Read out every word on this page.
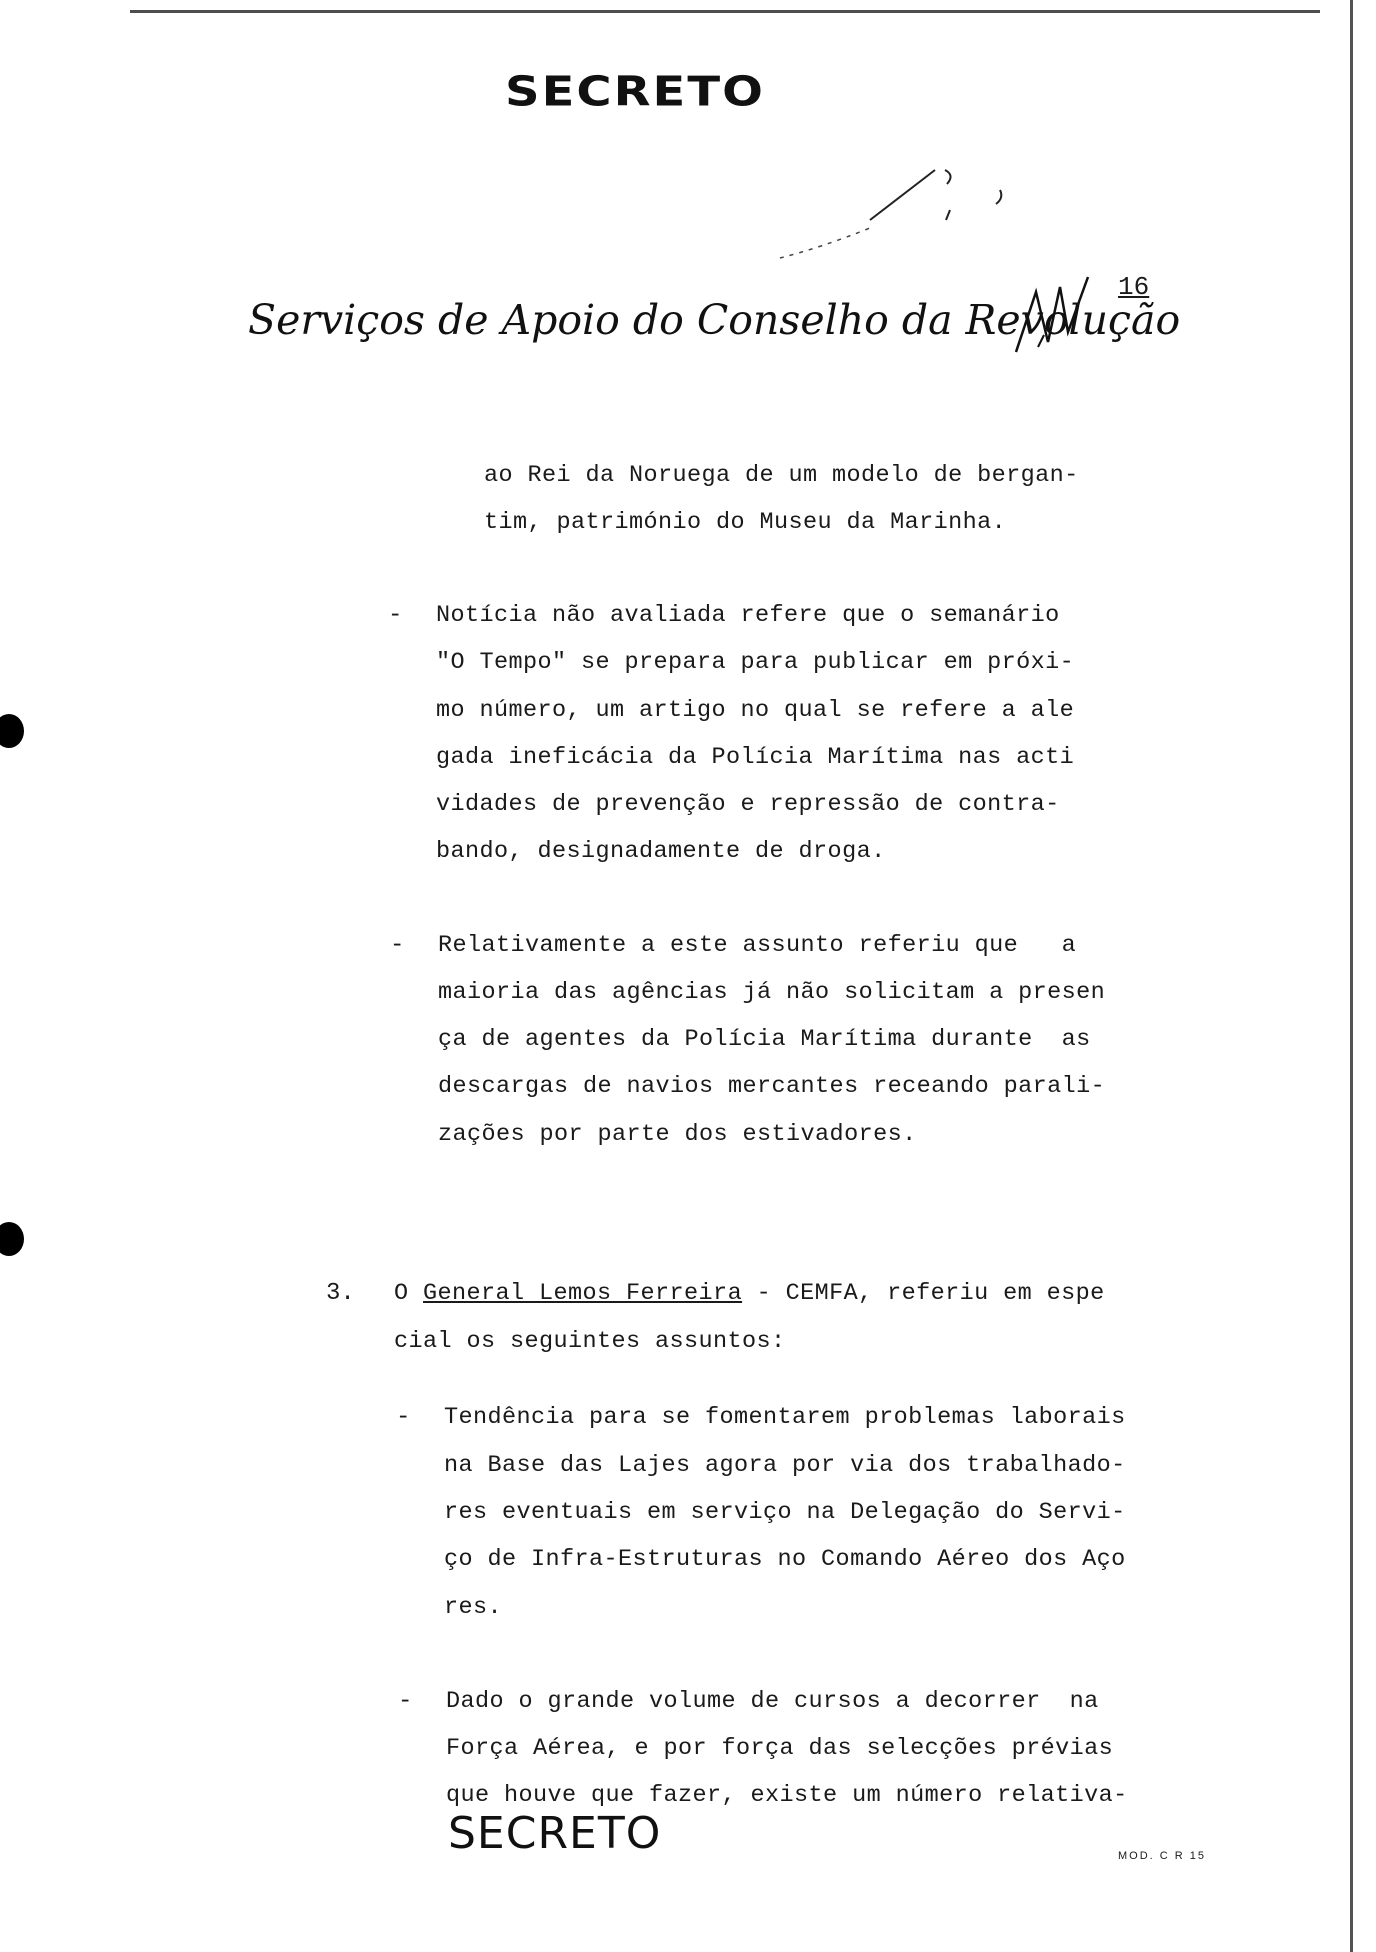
SECRETO
Serviços de Apoio do Conselho da Revolução
16
ao Rei da Noruega de um modelo de bergan-
tim, património do Museu da Marinha.
- Notícia não avaliada refere que o semanário
"O Tempo" se prepara para publicar em próxi-
mo número, um artigo no qual se refere a ale
gada ineficácia da Polícia Marítima nas acti
vidades de prevenção e repressão de contra-
bando, designadamente de droga.
- Relativamente a este assunto referiu que   a
maioria das agências já não solicitam a presen
ça de agentes da Polícia Marítima durante  as
descargas de navios mercantes receando parali-
zações por parte dos estivadores.
3. O General Lemos Ferreira - CEMFA, referiu em espe
cial os seguintes assuntos:
- Tendência para se fomentarem problemas laborais
na Base das Lajes agora por via dos trabalhado-
res eventuais em serviço na Delegação do Servi-
ço de Infra-Estruturas no Comando Aéreo dos Aço
res.
- Dado o grande volume de cursos a decorrer  na
Força Aérea, e por força das selecções prévias
que houve que fazer, existe um número relativa-
SECRETO	MOD. C R 15
